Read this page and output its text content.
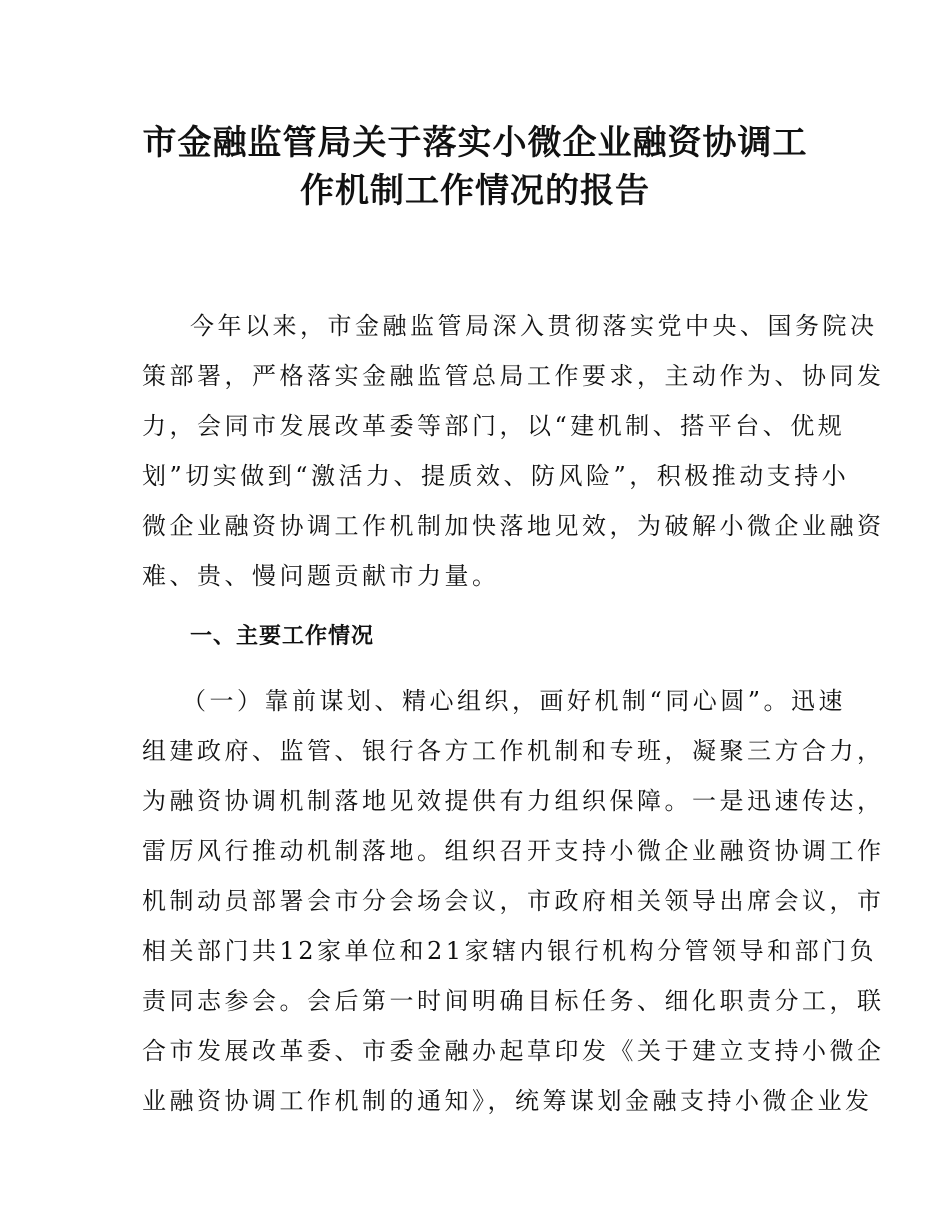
市金融监管局关于落实小微企业融资协调工
作机制工作情况的报告
今年以来，市金融监管局深入贯彻落实党中央、国务院决
策部署，严格落实金融监管总局工作要求，主动作为、协同发
力，会同市发展改革委等部门，以“建机制、搭平台、优规
划”切实做到“激活力、提质效、防风险”，积极推动支持小
微企业融资协调工作机制加快落地见效，为破解小微企业融资
难、贵、慢问题贡献市力量。
一、主要工作情况
（一）靠前谋划、精心组织，画好机制“同心圆”。迅速
组建政府、监管、银行各方工作机制和专班，凝聚三方合力，
为融资协调机制落地见效提供有力组织保障。一是迅速传达，
雷厉风行推动机制落地。组织召开支持小微企业融资协调工作
机制动员部署会市分会场会议，市政府相关领导出席会议，市
相关部门共12家单位和21家辖内银行机构分管领导和部门负
责同志参会。会后第一时间明确目标任务、细化职责分工，联
合市发展改革委、市委金融办起草印发《关于建立支持小微企
业融资协调工作机制的通知》，统筹谋划金融支持小微企业发
